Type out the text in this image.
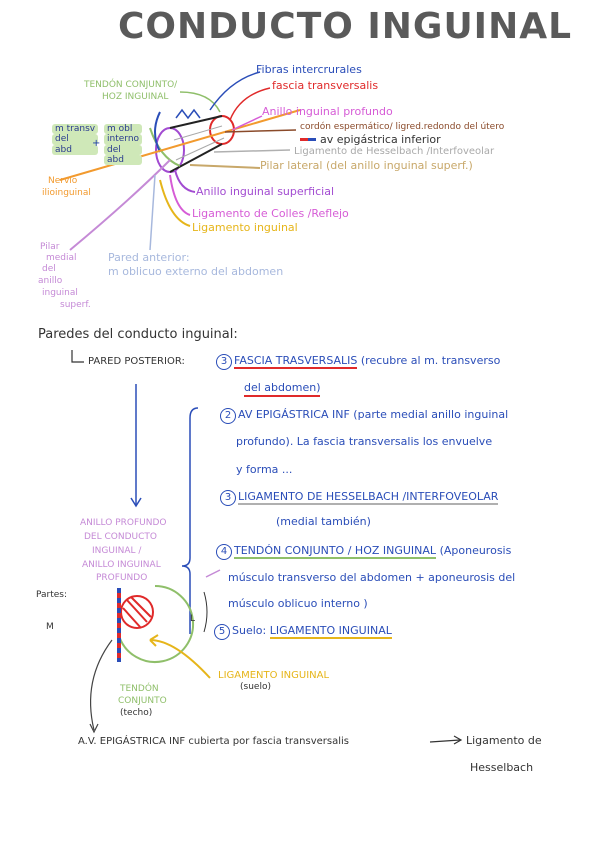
CONDUCTO INGUINAL
TENDÓN CONJUNTO/
HOZ INGUINAL
m transv
del
abd
+
m obl
interno
del
abd
Fibras intercrurales
fascia transversalis
Anillo inguinal profundo
cordón espermático/ ligred.redondo del útero
av epigástrica inferior
Ligamento de Hesselbach /Interfoveolar
Pilar lateral (del anillo inguinal superf.)
Nervio
ilioinguinal	Anillo inguinal superficial
Ligamento de Colles /Reflejo
Ligamento inguinal
Pilar
medial
del
anillo
inguinal
superf.
Pared anterior:
m oblicuo externo del abdomen
Paredes del conducto inguinal:
PARED POSTERIOR:	3 FASCIA TRASVERSALIS (recubre al m. transverso
del abdomen)
2 AV EPIGÁSTRICA INF (parte medial anillo inguinal
profundo). La fascia transversalis los envuelve
y forma ...
3 LIGAMENTO DE HESSELBACH /INTERFOVEOLAR
(medial también)
4 TENDÓN CONJUNTO / HOZ INGUINAL (Aponeurosis
músculo transverso del abdomen + aponeurosis del
músculo oblicuo interno )
5 Suelo: LIGAMENTO INGUINAL
ANILLO PROFUNDO
DEL CONDUCTO
INGUINAL /
ANILLO INGUINAL
PROFUNDO
Partes:
M
L
LIGAMENTO INGUINAL
(suelo)
TENDÓN
CONJUNTO
(techo)
A.V. EPIGÁSTRICA INF cubierta por fascia transversalis	Ligamento de
Hesselbach
